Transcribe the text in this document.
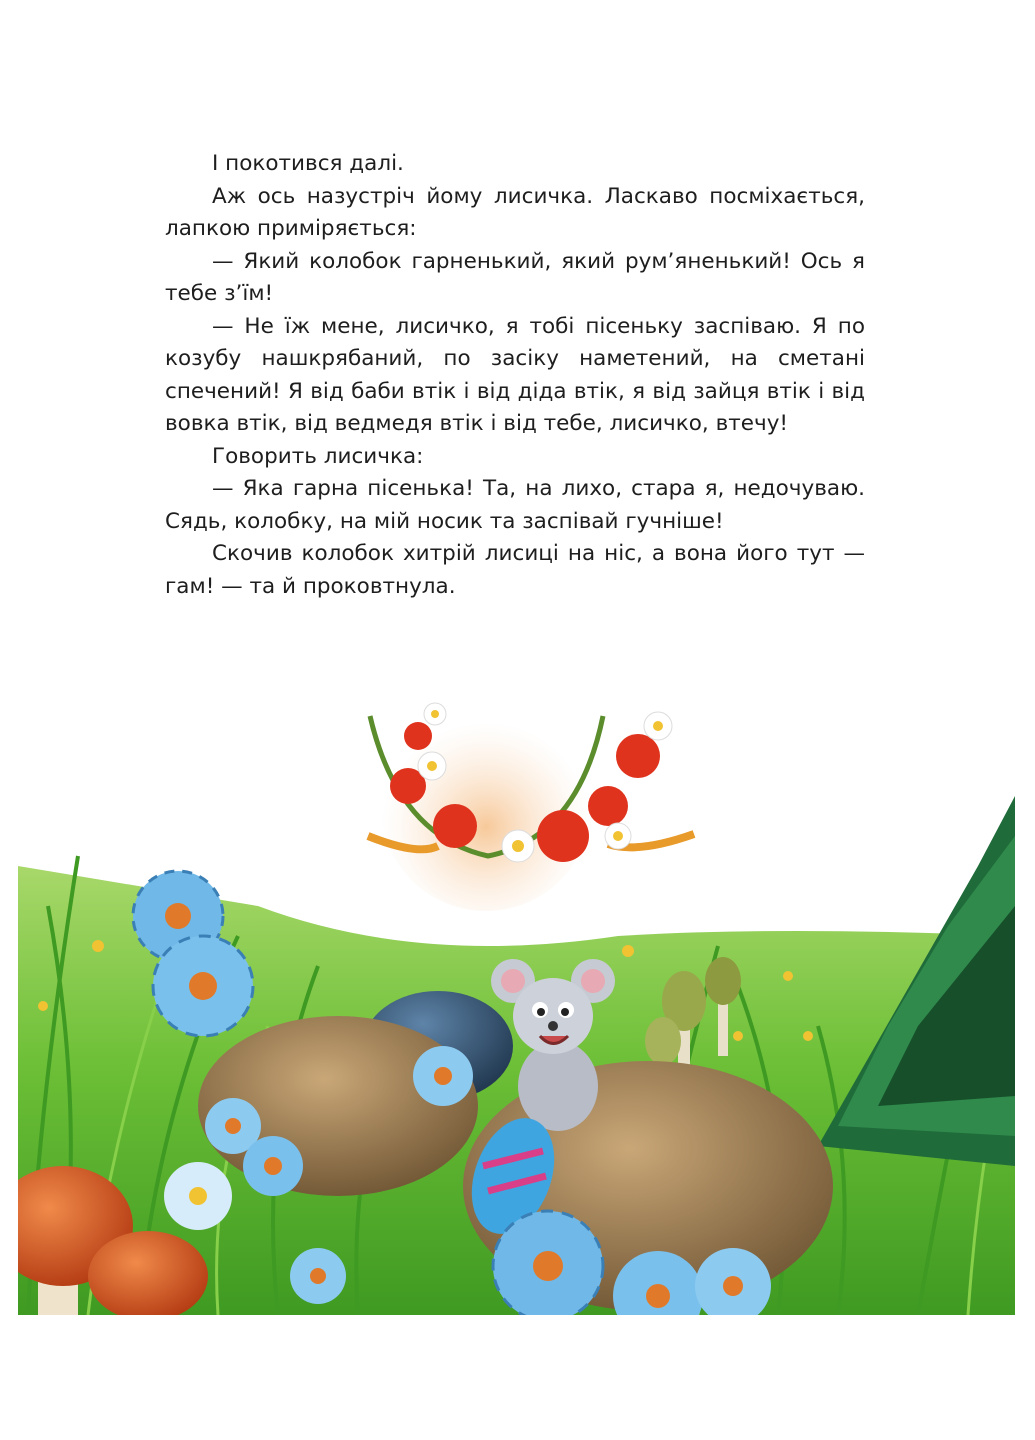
І покотився далі.

Аж ось назустріч йому лисичка. Ласкаво посміхається, лапкою приміряється:

— Який колобок гарненький, який рум’яненький! Ось я тебе з’їм!

— Не їж мене, лисичко, я тобі пісеньку заспіваю. Я по козубу нашкрябаний, по засіку наметений, на сметані спечений! Я від баби втік і від діда втік, я від зайця втік і від вовка втік, від ведмедя втік і від тебе, лисичко, втечу!

Говорить лисичка:

— Яка гарна пісенька! Та, на лихо, стара я, недочуваю. Сядь, колобку, на мій носик та заспівай гучніше!

Скочив колобок хитрій лисиці на ніс, а вона його тут — гам! — та й проковтнула.
